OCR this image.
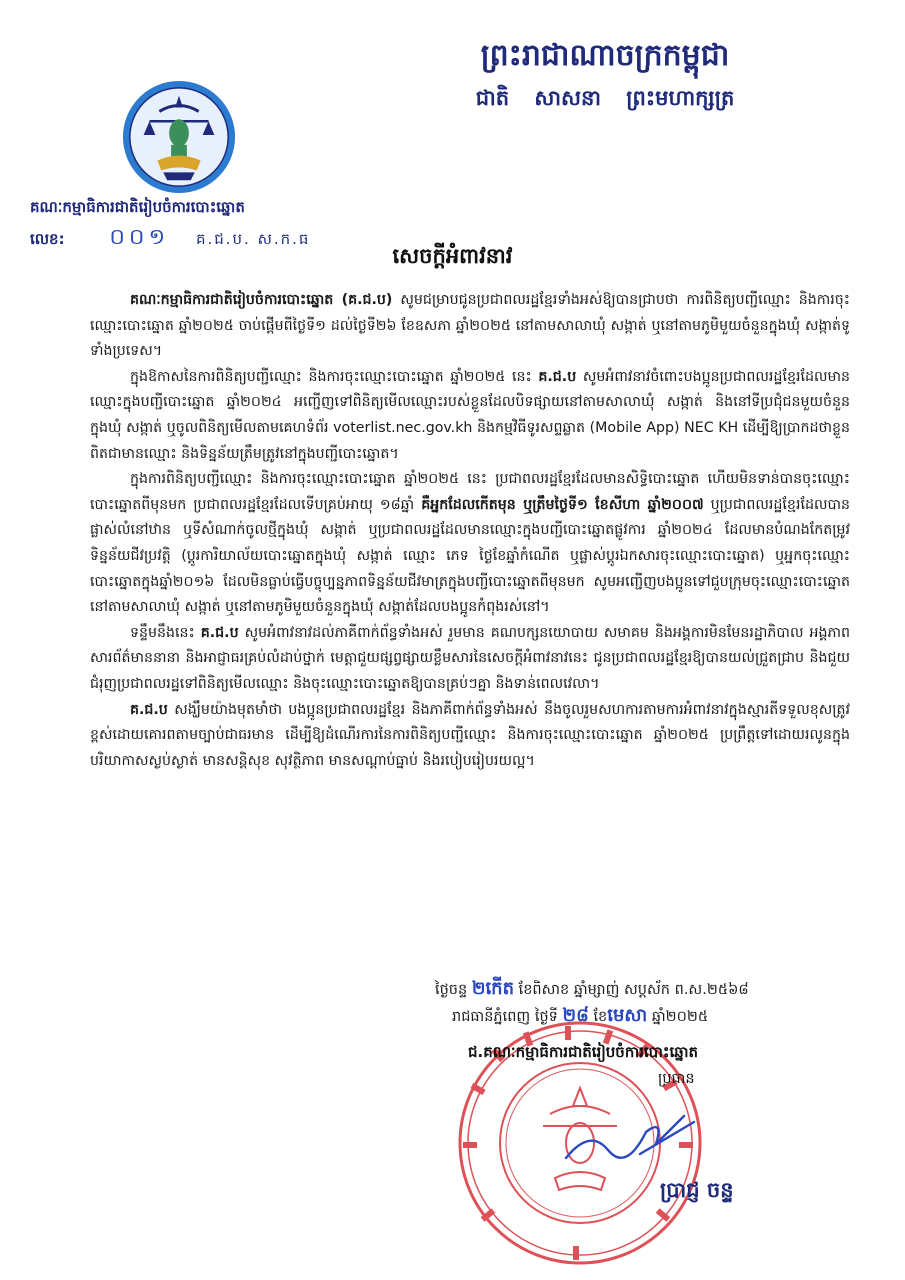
ព្រះរាជាណាចក្រកម្ពុជា
ជាតិ សាសនា ព្រះមហាក្សត្រ
គណៈកម្មាធិការជាតិរៀបចំការបោះឆ្នោត
លេខ: ០០១ គ.ជ.ប. ស.ក.ធ
សេចក្តីអំពាវនាវ

គណៈកម្មាធិការជាតិរៀបចំការបោះឆ្នោត (គ.ជ.ប) សូមជម្រាបជូនប្រជាពលរដ្ឋខ្មែរទាំងអស់ឱ្យបានជ្រាបថា ការពិនិត្យបញ្ជីឈ្មោះ និងការចុះឈ្មោះបោះឆ្នោត ឆ្នាំ២០២៥ ចាប់ផ្តើមពីថ្ងៃទី១ ដល់ថ្ងៃទី២៦ ខែឧសភា ឆ្នាំ២០២៥ នៅតាមសាលាឃុំ សង្កាត់ ឬនៅតាមភូមិមួយចំនួនក្នុងឃុំ សង្កាត់ទូទាំងប្រទេស។

ក្នុងឱកាសនៃការពិនិត្យបញ្ជីឈ្មោះ និងការចុះឈ្មោះបោះឆ្នោត ឆ្នាំ២០២៥ នេះ គ.ជ.ប សូមអំពាវនាវចំពោះបងប្អូនប្រជាពលរដ្ឋខ្មែរដែលមានឈ្មោះក្នុងបញ្ជីបោះឆ្នោត ឆ្នាំ២០២៤ អញ្ជើញទៅពិនិត្យមើលឈ្មោះរបស់ខ្លួនដែលបិទផ្សាយនៅតាមសាលាឃុំ សង្កាត់ និងនៅទីប្រជុំជនមួយចំនួនក្នុងឃុំ សង្កាត់ ឬចូលពិនិត្យមើលតាមគេហទំព័រ voterlist.nec.gov.kh និងកម្មវិធីទូរសព្ទឆ្លាត (Mobile App) NEC KH ដើម្បីឱ្យប្រាកដថាខ្លួនពិតជាមានឈ្មោះ និងទិន្នន័យត្រឹមត្រូវនៅក្នុងបញ្ជីបោះឆ្នោត។

ក្នុងការពិនិត្យបញ្ជីឈ្មោះ និងការចុះឈ្មោះបោះឆ្នោត ឆ្នាំ២០២៥ នេះ ប្រជាពលរដ្ឋខ្មែរដែលមានសិទ្ធិបោះឆ្នោត ហើយមិនទាន់បានចុះឈ្មោះបោះឆ្នោតពីមុនមក ប្រជាពលរដ្ឋខ្មែរដែលទើបគ្រប់អាយុ ១៨ឆ្នាំ គឺអ្នកដែលកើតមុន ឬត្រឹមថ្ងៃទី១ ខែសីហា ឆ្នាំ២០០៧ ឬប្រជាពលរដ្ឋខ្មែរដែលបានផ្លាស់លំនៅឋាន ឬទីសំណាក់ចូលថ្មីក្នុងឃុំ សង្កាត់ ឬប្រជាពលរដ្ឋដែលមានឈ្មោះក្នុងបញ្ជីបោះឆ្នោតផ្លូវការ ឆ្នាំ២០២៤ ដែលមានបំណងកែតម្រូវទិន្នន័យជីវប្រវត្តិ (ប្តូរការិយាល័យបោះឆ្នោតក្នុងឃុំ សង្កាត់ ឈ្មោះ ភេទ ថ្ងៃខែឆ្នាំកំណើត ឬផ្លាស់ប្តូរឯកសារចុះឈ្មោះបោះឆ្នោត) ឬអ្នកចុះឈ្មោះបោះឆ្នោតក្នុងឆ្នាំ២០១៦ ដែលមិនធ្លាប់ធ្វើបច្ចុប្បន្នភាពទិន្នន័យជីវមាត្រក្នុងបញ្ជីបោះឆ្នោតពីមុនមក សូមអញ្ជើញបងប្អូនទៅជួបក្រុមចុះឈ្មោះបោះឆ្នោត នៅតាមសាលាឃុំ សង្កាត់ ឬនៅតាមភូមិមួយចំនួនក្នុងឃុំ សង្កាត់ដែលបងប្អូនកំពុងរស់នៅ។

ទន្ទឹមនឹងនេះ គ.ជ.ប សូមអំពាវនាវដល់ភាគីពាក់ព័ន្ធទាំងអស់ រួមមាន គណបក្សនយោបាយ សមាគម និងអង្គការមិនមែនរដ្ឋាភិបាល អង្គភាពសារព័ត៌មាននានា និងអាជ្ញាធរគ្រប់លំដាប់ថ្នាក់ មេត្តាជួយផ្សព្វផ្សាយខ្លឹមសារនៃសេចក្តីអំពាវនាវនេះ ជូនប្រជាពលរដ្ឋខ្មែរឱ្យបានយល់ជ្រួតជ្រាប និងជួយជំរុញប្រជាពលរដ្ឋទៅពិនិត្យមើលឈ្មោះ និងចុះឈ្មោះបោះឆ្នោតឱ្យបានគ្រប់ៗគ្នា និងទាន់ពេលវេលា។

គ.ជ.ប សង្ឃឹមយ៉ាងមុតមាំថា បងប្អូនប្រជាពលរដ្ឋខ្មែរ និងភាគីពាក់ព័ន្ធទាំងអស់ នឹងចូលរួមសហការតាមការអំពាវនាវក្នុងស្មារតីទទួលខុសត្រូវខ្ពស់ដោយគោរពតាមច្បាប់ជាធរមាន ដើម្បីឱ្យដំណើរការនៃការពិនិត្យបញ្ជីឈ្មោះ និងការចុះឈ្មោះបោះឆ្នោត ឆ្នាំ២០២៥ ប្រព្រឹត្តទៅដោយរលូនក្នុងបរិយាកាសស្ងប់ស្ងាត់ មានសន្តិសុខ សុវត្ថិភាព មានសណ្តាប់ធ្នាប់ និងរបៀបរៀបរយល្អ។

ថ្ងៃចន្ទ ២កើត ខែពិសាខ ឆ្នាំម្សាញ់ សប្តស័ក ព.ស.២៥៦៨
រាជធានីភ្នំពេញ ថ្ងៃទី ២៨ ខែមេសា ឆ្នាំ២០២៥
ជ.គណៈកម្មាធិការជាតិរៀបចំការបោះឆ្នោត
ប្រធាន
ប្រាជ្ញ ចន្ទ
